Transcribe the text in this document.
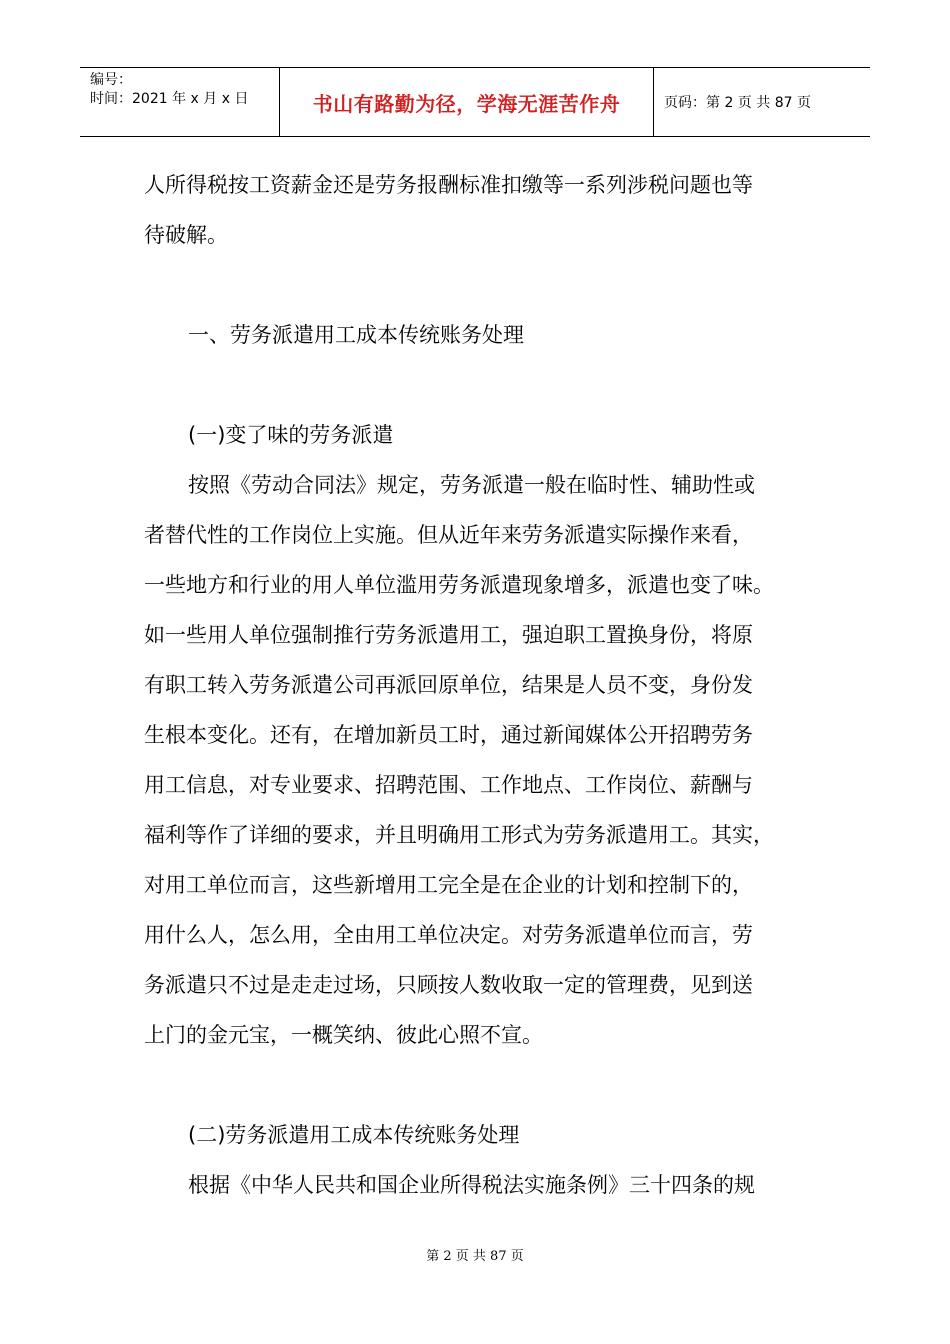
编号：
时间：2021 年 x 月 x 日	书山有路勤为径，学海无涯苦作舟	页码：第 2 页 共 87 页
人所得税按工资薪金还是劳务报酬标准扣缴等一系列涉税问题也等
待破解。
一、劳务派遣用工成本传统账务处理
(一)变了味的劳务派遣
按照《劳动合同法》规定，劳务派遣一般在临时性、辅助性或
者替代性的工作岗位上实施。但从近年来劳务派遣实际操作来看，
一些地方和行业的用人单位滥用劳务派遣现象增多，派遣也变了味。
如一些用人单位强制推行劳务派遣用工，强迫职工置换身份，将原
有职工转入劳务派遣公司再派回原单位，结果是人员不变，身份发
生根本变化。还有，在增加新员工时，通过新闻媒体公开招聘劳务
用工信息，对专业要求、招聘范围、工作地点、工作岗位、薪酬与
福利等作了详细的要求，并且明确用工形式为劳务派遣用工。其实，
对用工单位而言，这些新增用工完全是在企业的计划和控制下的，
用什么人，怎么用，全由用工单位决定。对劳务派遣单位而言，劳
务派遣只不过是走走过场，只顾按人数收取一定的管理费，见到送
上门的金元宝，一概笑纳、彼此心照不宣。
(二)劳务派遣用工成本传统账务处理
根据《中华人民共和国企业所得税法实施条例》三十四条的规
第 2 页 共 87 页
